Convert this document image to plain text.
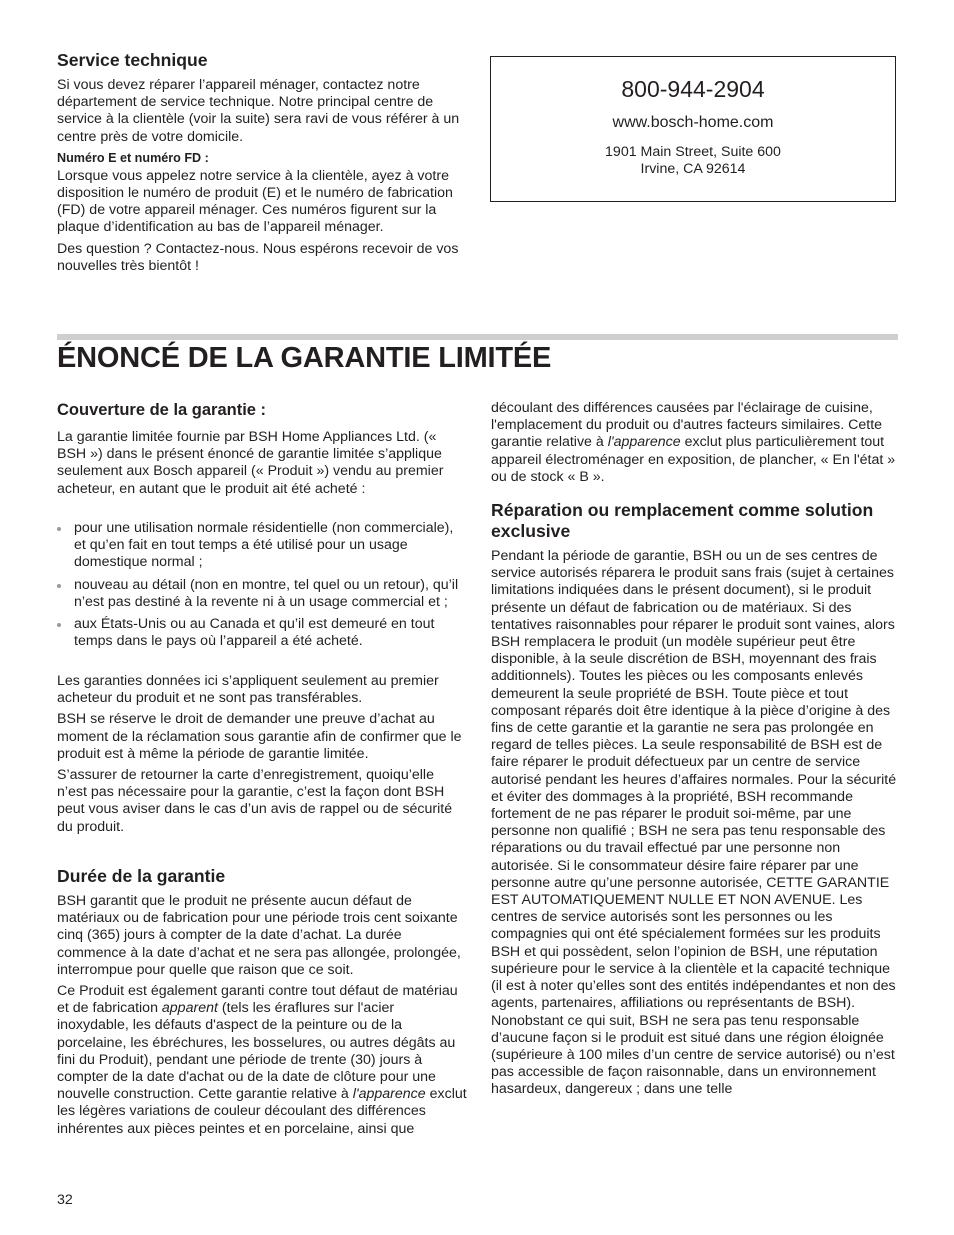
Service technique

Si vous devez réparer l’appareil ménager, contactez notre département de service technique. Notre principal centre de service à la clientèle (voir la suite) sera ravi de vous référer à un centre près de votre domicile.

Numéro E et numéro FD :

Lorsque vous appelez notre service à la clientèle, ayez à votre disposition le numéro de produit (E) et le numéro de fabrication (FD) de votre appareil ménager. Ces numéros figurent sur la plaque d’identification au bas de l’appareil ménager.

Des question ? Contactez-nous. Nous espérons recevoir de vos nouvelles très bientôt !

800-944-2904
www.bosch-home.com
1901 Main Street, Suite 600
Irvine, CA 92614
ÉNONCÉ DE LA GARANTIE LIMITÉE
Couverture de la garantie :

La garantie limitée fournie par BSH Home Appliances Ltd. (« BSH ») dans le présent énoncé de garantie limitée s’applique seulement aux Bosch appareil (« Produit ») vendu au premier acheteur, en autant que le produit ait été acheté :

pour une utilisation normale résidentielle (non commerciale), et qu’en fait en tout temps a été utilisé pour un usage domestique normal ;
nouveau au détail (non en montre, tel quel ou un retour), qu’il n’est pas destiné à la revente ni à un usage commercial et ;
aux États-Unis ou au Canada et qu’il est demeuré en tout temps dans le pays où l’appareil a été acheté.

Les garanties données ici s’appliquent seulement au premier acheteur du produit et ne sont pas transférables.

BSH se réserve le droit de demander une preuve d’achat au moment de la réclamation sous garantie afin de confirmer que le produit est à même la période de garantie limitée.

S’assurer de retourner la carte d’enregistrement, quoiqu’elle n’est pas nécessaire pour la garantie, c’est la façon dont BSH peut vous aviser dans le cas d’un avis de rappel ou de sécurité du produit.

Durée de la garantie

BSH garantit que le produit ne présente aucun défaut de matériaux ou de fabrication pour une période trois cent soixante cinq (365) jours à compter de la date d’achat. La durée commence à la date d’achat et ne sera pas allongée, prolongée, interrompue pour quelle que raison que ce soit.

Ce Produit est également garanti contre tout défaut de matériau et de fabrication apparent (tels les éraflures sur l'acier inoxydable, les défauts d'aspect de la peinture ou de la porcelaine, les ébréchures, les bosselures, ou autres dégâts au fini du Produit), pendant une période de trente (30) jours à compter de la date d'achat ou de la date de clôture pour une nouvelle construction. Cette garantie relative à l'apparence exclut les légères variations de couleur découlant des différences inhérentes aux pièces peintes et en porcelaine, ainsi que

découlant des différences causées par l'éclairage de cuisine, l'emplacement du produit ou d'autres facteurs similaires. Cette garantie relative à l'apparence exclut plus particulièrement tout appareil électroménager en exposition, de plancher, « En l'état » ou de stock « B ».

Réparation ou remplacement comme solution exclusive

Pendant la période de garantie, BSH ou un de ses centres de service autorisés réparera le produit sans frais (sujet à certaines limitations indiquées dans le présent document), si le produit présente un défaut de fabrication ou de matériaux. Si des tentatives raisonnables pour réparer le produit sont vaines, alors BSH remplacera le produit (un modèle supérieur peut être disponible, à la seule discrétion de BSH, moyennant des frais additionnels). Toutes les pièces ou les composants enlevés demeurent la seule propriété de BSH. Toute pièce et tout composant réparés doit être identique à la pièce d’origine à des fins de cette garantie et la garantie ne sera pas prolongée en regard de telles pièces. La seule responsabilité de BSH est de faire réparer le produit défectueux par un centre de service autorisé pendant les heures d’affaires normales. Pour la sécurité et éviter des dommages à la propriété, BSH recommande fortement de ne pas réparer le produit soi-même, par une personne non qualifié ; BSH ne sera pas tenu responsable des réparations ou du travail effectué par une personne non autorisée. Si le consommateur désire faire réparer par une personne autre qu’une personne autorisée, CETTE GARANTIE EST AUTOMATIQUEMENT NULLE ET NON AVENUE. Les centres de service autorisés sont les personnes ou les compagnies qui ont été spécialement formées sur les produits BSH et qui possèdent, selon l’opinion de BSH, une réputation supérieure pour le service à la clientèle et la capacité technique (il est à noter qu’elles sont des entités indépendantes et non des agents, partenaires, affiliations ou représentants de BSH). Nonobstant ce qui suit, BSH ne sera pas tenu responsable d’aucune façon si le produit est situé dans une région éloignée (supérieure à 100 miles d’un centre de service autorisé) ou n’est pas accessible de façon raisonnable, dans un environnement hasardeux, dangereux ; dans une telle

32
